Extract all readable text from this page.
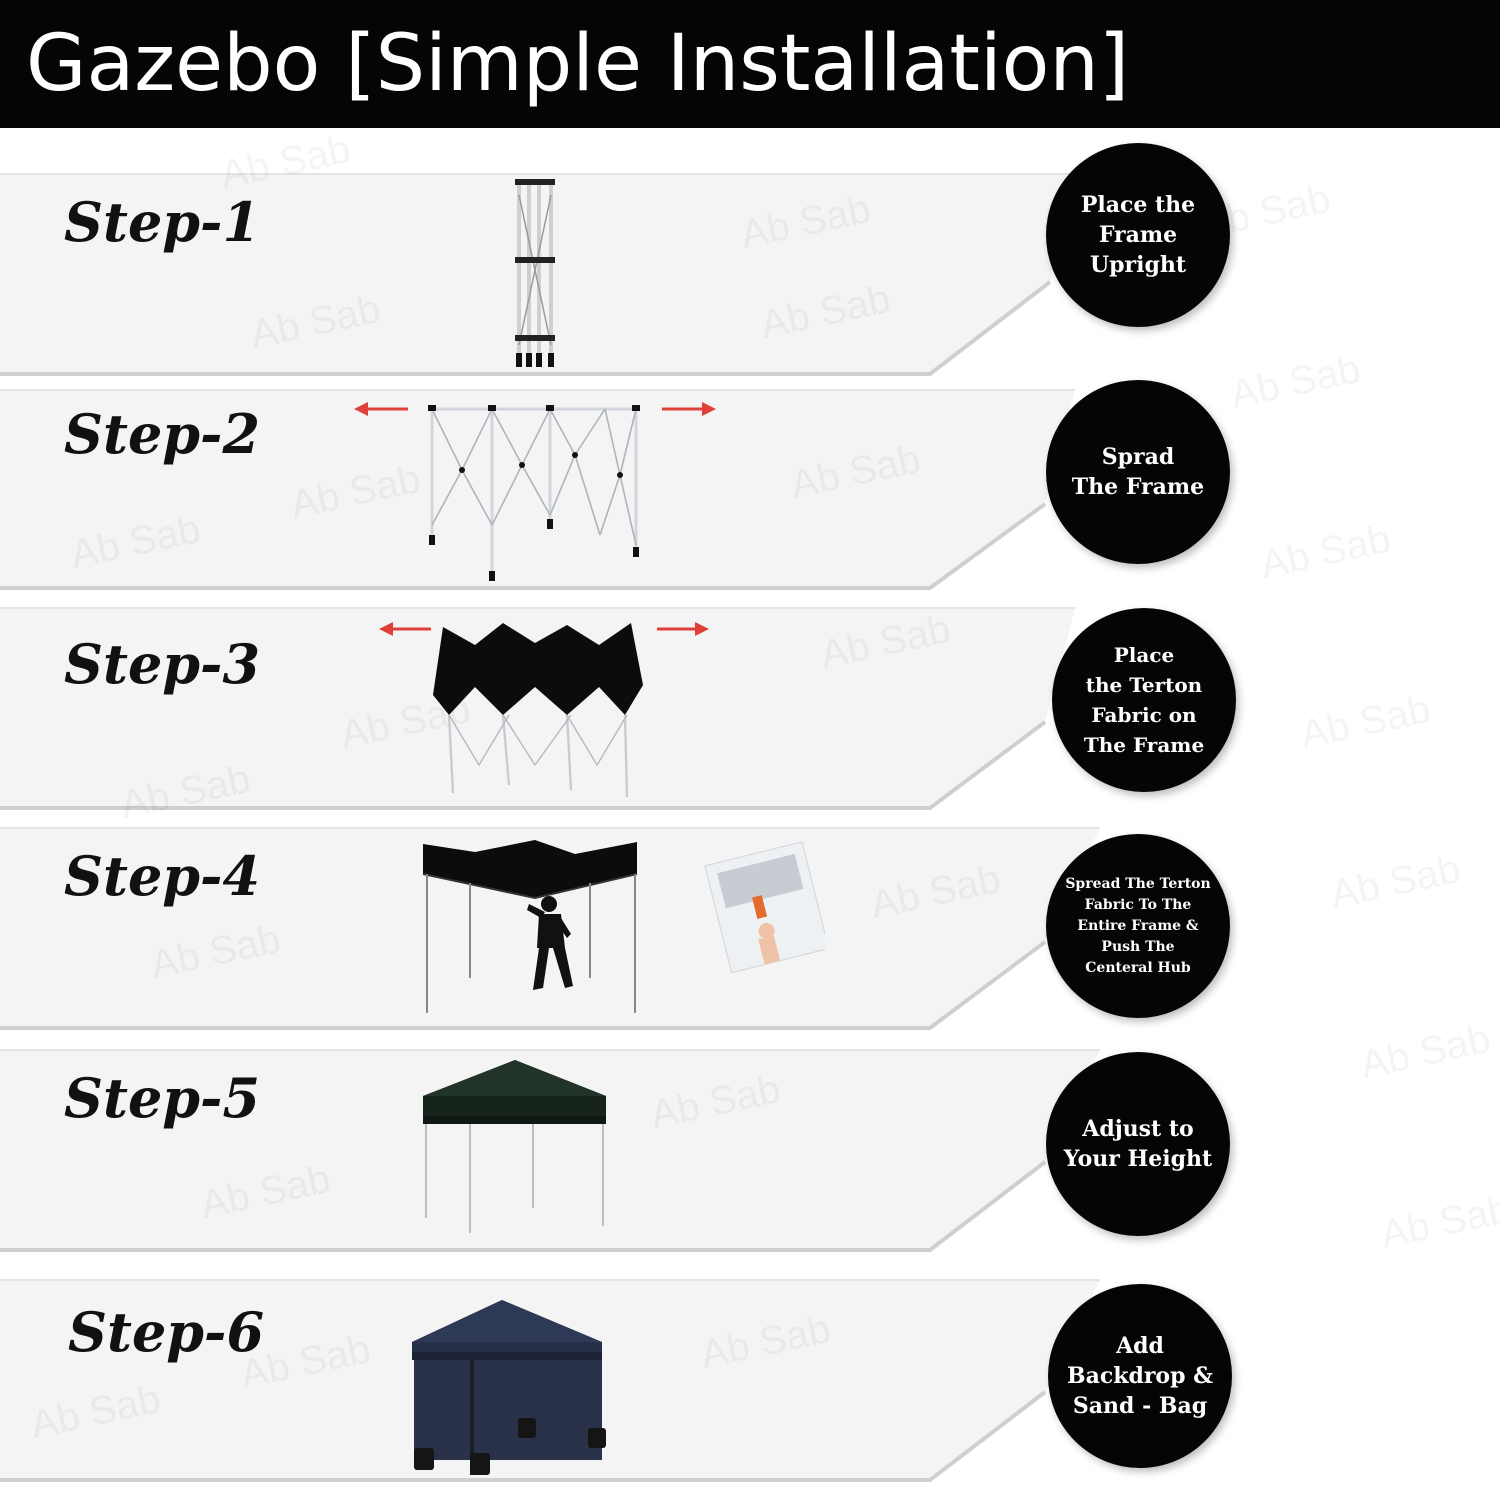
Gazebo [Simple Installation]
Step-1
Step-2
Step-3
Step-4
Step-5
Step-6
Place the
Frame
Upright
Sprad
The Frame
Place
the Terton
Fabric on
The Frame
Spread The Terton
Fabric To The
Entire Frame &
Push The
Centeral Hub
Adjust to
Your Height
Add
Backdrop &
Sand - Bag
